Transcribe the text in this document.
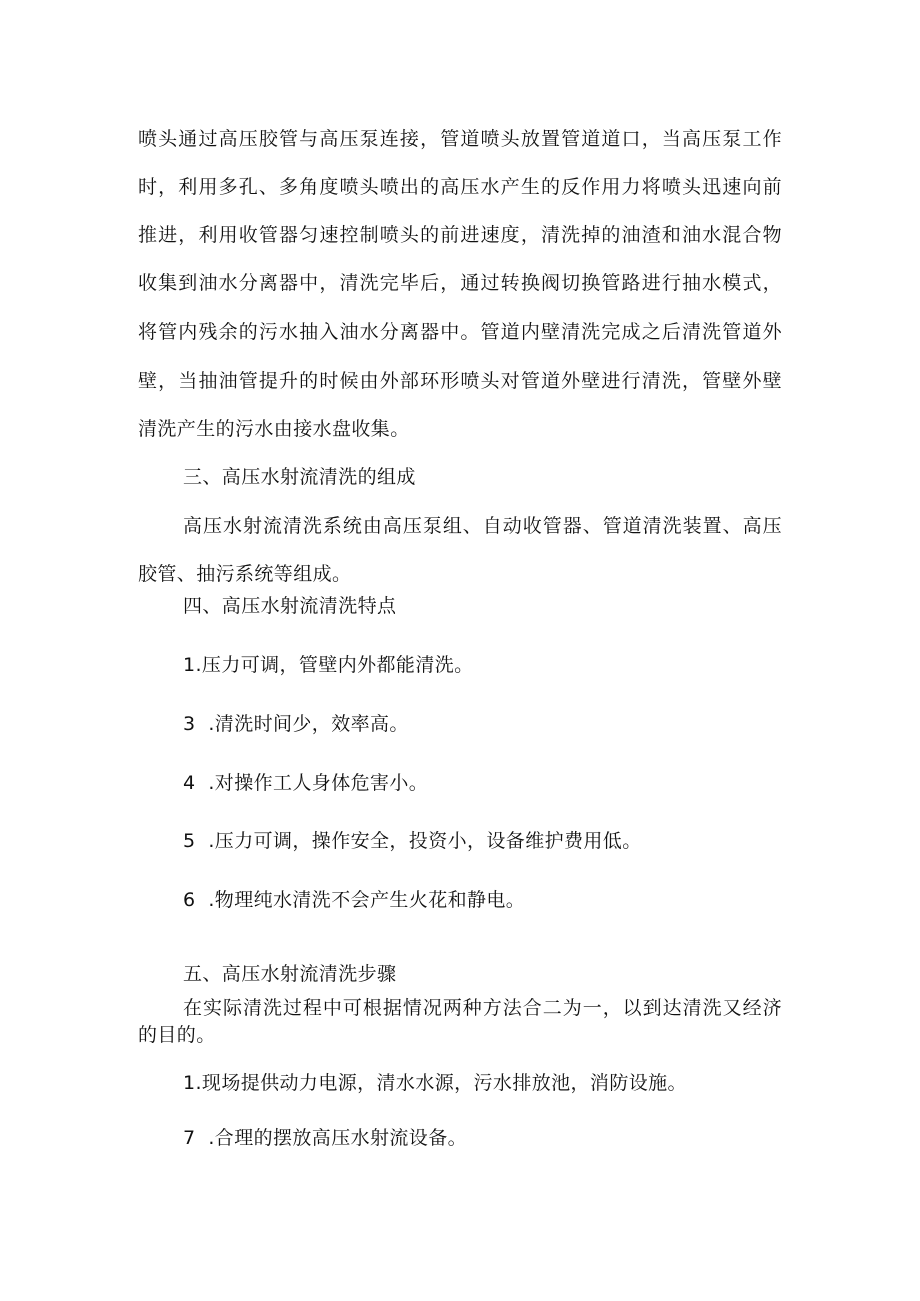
喷头通过高压胶管与高压泵连接，管道喷头放置管道道口，当高压泵工作
时，利用多孔、多角度喷头喷出的高压水产生的反作用力将喷头迅速向前
推进，利用收管器匀速控制喷头的前进速度，清洗掉的油渣和油水混合物
收集到油水分离器中，清洗完毕后，通过转换阀切换管路进行抽水模式，
将管内残余的污水抽入油水分离器中。管道内壁清洗完成之后清洗管道外
壁，当抽油管提升的时候由外部环形喷头对管道外壁进行清洗，管壁外壁
清洗产生的污水由接水盘收集。
三、高压水射流清洗的组成
高压水射流清洗系统由高压泵组、自动收管器、管道清洗装置、高压
胶管、抽污系统等组成。
四、高压水射流清洗特点
1.压力可调，管壁内外都能清洗。
3  .清洗时间少，效率高。
4  .对操作工人身体危害小。
5  .压力可调，操作安全，投资小，设备维护费用低。
6  .物理纯水清洗不会产生火花和静电。
五、高压水射流清洗步骤
在实际清洗过程中可根据情况两种方法合二为一，以到达清洗又经济
的目的。
1.现场提供动力电源，清水水源，污水排放池，消防设施。
7  .合理的摆放高压水射流设备。
